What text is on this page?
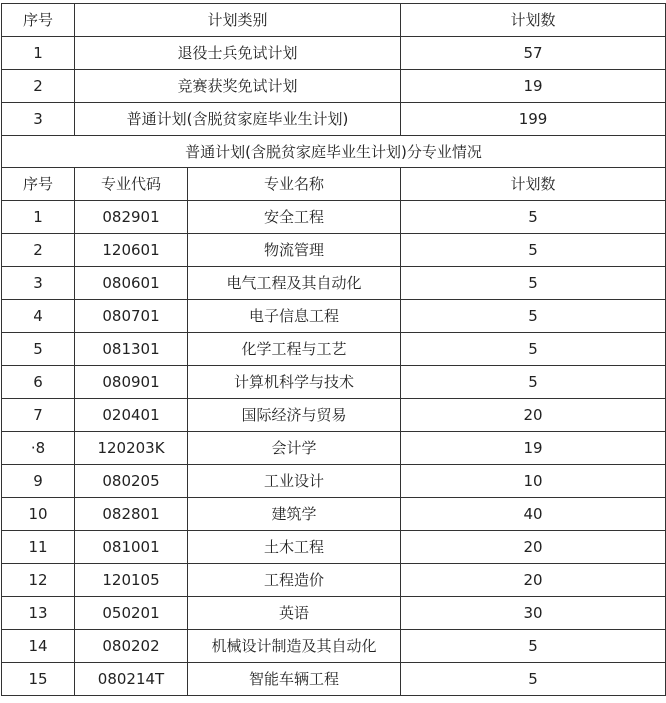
序号	计划类别		计划数
1	退役士兵免试计划		57
2	竞赛获奖免试计划		19
3	普通计划(含脱贫家庭毕业生计划)		199
普通计划(含脱贫家庭毕业生计划)分专业情况			
序号	专业代码	专业名称	计划数
1	082901	安全工程	5
2	120601	物流管理	5
3	080601	电气工程及其自动化	5
4	080701	电子信息工程	5
5	081301	化学工程与工艺	5
6	080901	计算机科学与技术	5
7	020401	国际经济与贸易	20
·8	120203K	会计学	19
9	080205	工业设计	10
10	082801	建筑学	40
11	081001	土木工程	20
12	120105	工程造价	20
13	050201	英语	30
14	080202	机械设计制造及其自动化	5
15	080214T	智能车辆工程	5
